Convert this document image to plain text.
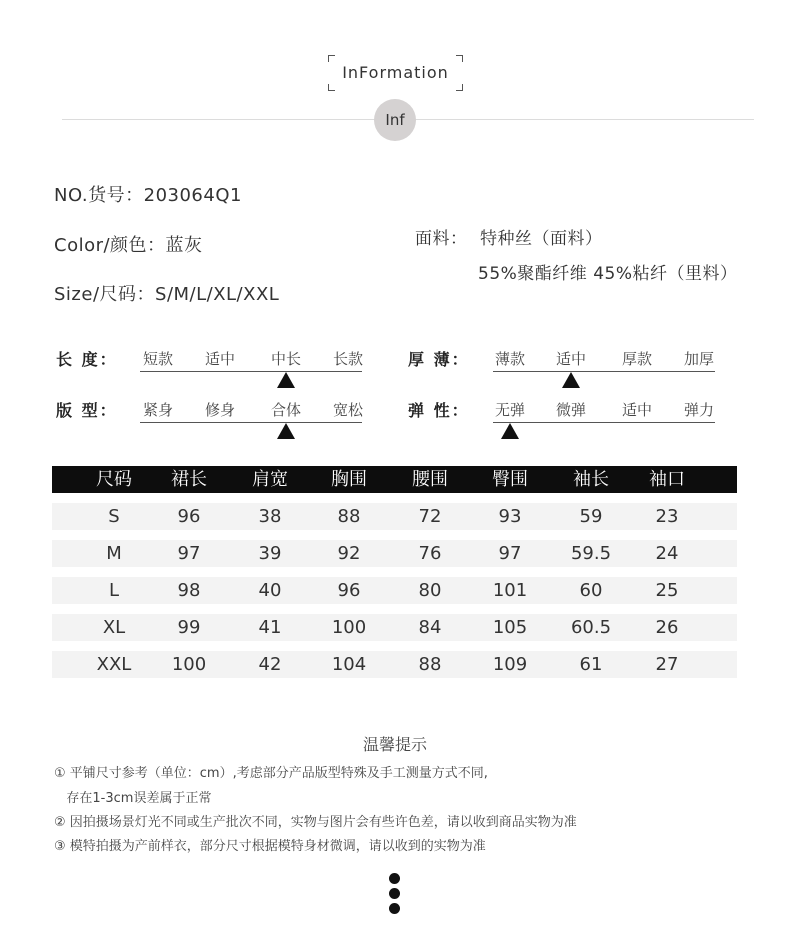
InFormation
Inf
NO.货号：203064Q1
Color/颜色：蓝灰
Size/尺码：S/M/L/XL/XXL
面料： 特种丝（面料）
55%聚酯纤维 45%粘纤（里料）
长 度：	短款	适中	中长	长款	厚 薄：	薄款	适中	厚款	加厚
版 型：	紧身	修身	合体	宽松	弹 性：	无弹	微弹	适中	弹力
尺码	裙长	肩宽	胸围	腰围	臀围	袖长	袖口
S	96	38	88	72	93	59	23
M	97	39	92	76	97	59.5	24
L	98	40	96	80	101	60	25
XL	99	41	100	84	105	60.5	26
XXL	100	42	104	88	109	61	27
温馨提示
① 平铺尺寸参考（单位：cm）,考虑部分产品版型特殊及手工测量方式不同,
存在1-3cm误差属于正常
② 因拍摄场景灯光不同或生产批次不同，实物与图片会有些许色差，请以收到商品实物为准
③ 模特拍摄为产前样衣，部分尺寸根据模特身材微调，请以收到的实物为准
